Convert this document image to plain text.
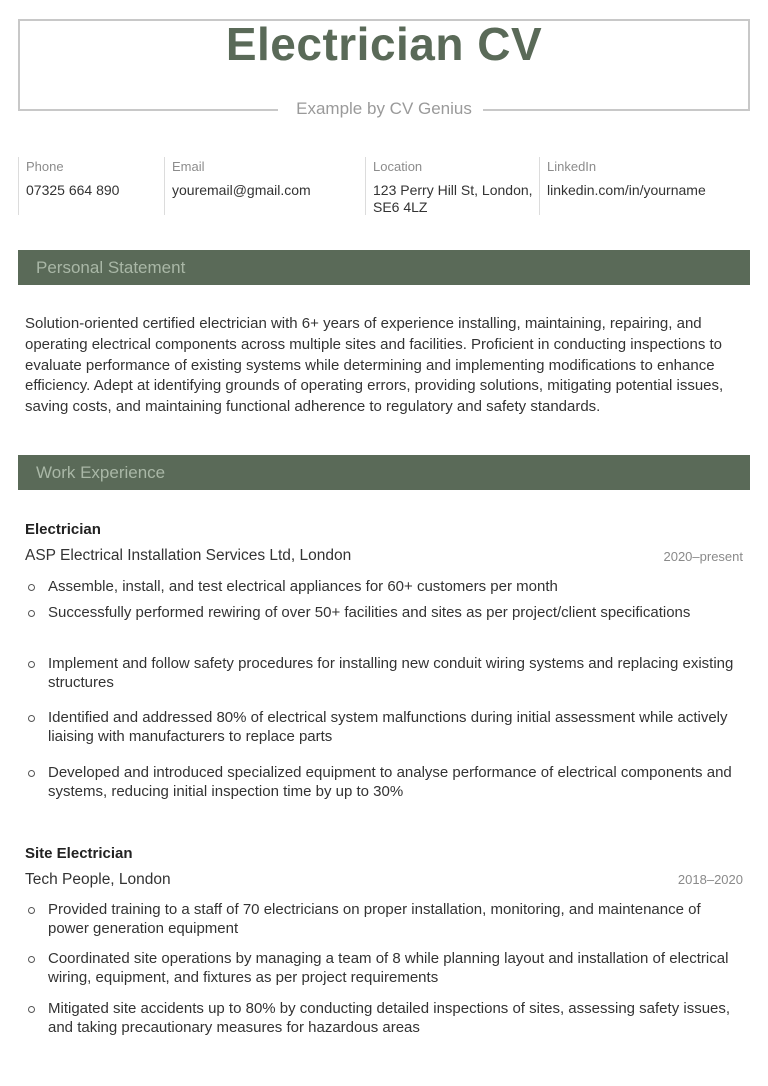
Electrician CV
Example by CV Genius
Phone
07325 664 890
Email
youremail@gmail.com
Location
123 Perry Hill St, London, SE6 4LZ
LinkedIn
linkedin.com/in/yourname
Personal Statement
Solution-oriented certified electrician with 6+ years of experience installing, maintaining, repairing, and operating electrical components across multiple sites and facilities. Proficient in conducting inspections to evaluate performance of existing systems while determining and implementing modifications to enhance efficiency. Adept at identifying grounds of operating errors, providing solutions, mitigating potential issues, saving costs, and maintaining functional adherence to regulatory and safety standards.
Work Experience
Electrician
ASP Electrical Installation Services Ltd, London	2020–present
Assemble, install, and test electrical appliances for 60+ customers per month
Successfully performed rewiring of over 50+ facilities and sites as per project/client specifications
Implement and follow safety procedures for installing new conduit wiring systems and replacing existing structures
Identified and addressed 80% of electrical system malfunctions during initial assessment while actively liaising with manufacturers to replace parts
Developed and introduced specialized equipment to analyse performance of electrical components and systems, reducing initial inspection time by up to 30%
Site Electrician
Tech People, London	2018–2020
Provided training to a staff of 70 electricians on proper installation, monitoring, and maintenance of power generation equipment
Coordinated site operations by managing a team of 8 while planning layout and installation of electrical wiring, equipment, and fixtures as per project requirements
Mitigated site accidents up to 80% by conducting detailed inspections of sites, assessing safety issues, and taking precautionary measures for hazardous areas
